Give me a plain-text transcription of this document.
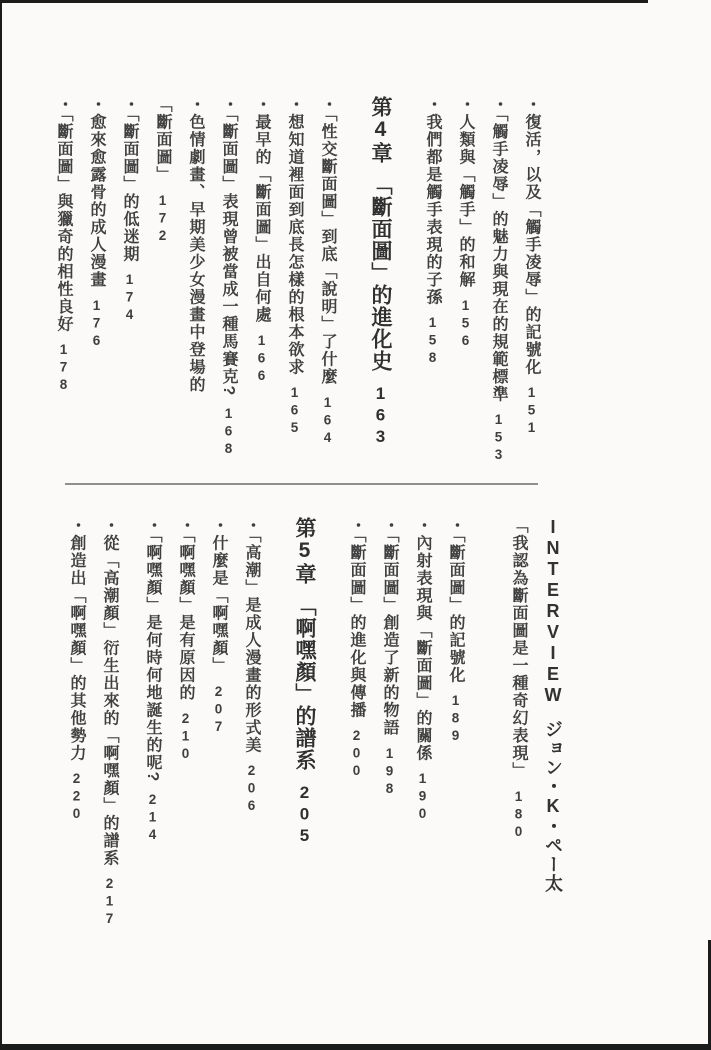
・復活，以及「觸手凌辱」的記號化151
・「觸手凌辱」的魅力與現在的規範標準153
・人類與「觸手」的和解156
・我們都是觸手表現的子孫158
第4章「斷面圖」的進化史163
・「性交斷面圖」到底「說明」了什麼164
・想知道裡面到底長怎樣的根本欲求165
・最早的「斷面圖」出自何處166
・「斷面圖」表現曾被當成一種馬賽克?168
・色情劇畫、早期美少女漫畫中登場的
「斷面圖」172
・「斷面圖」的低迷期174
・愈來愈露骨的成人漫畫176
・「斷面圖」與獵奇的相性良好178
INTERVIEWジョン・K・ペー太
「我認為斷面圖是一種奇幻表現」180
・「斷面圖」的記號化189
・內射表現與「斷面圖」的關係190
・「斷面圖」創造了新的物語198
・「斷面圖」的進化與傳播200
第5章「啊嘿顏」的譜系205
・「高潮」是成人漫畫的形式美206
・什麼是「啊嘿顏」207
・「啊嘿顏」是有原因的210
・「啊嘿顏」是何時何地誕生的呢?214
・從「高潮顏」衍生出來的「啊嘿顏」的譜系217
・創造出「啊嘿顏」的其他勢力220
